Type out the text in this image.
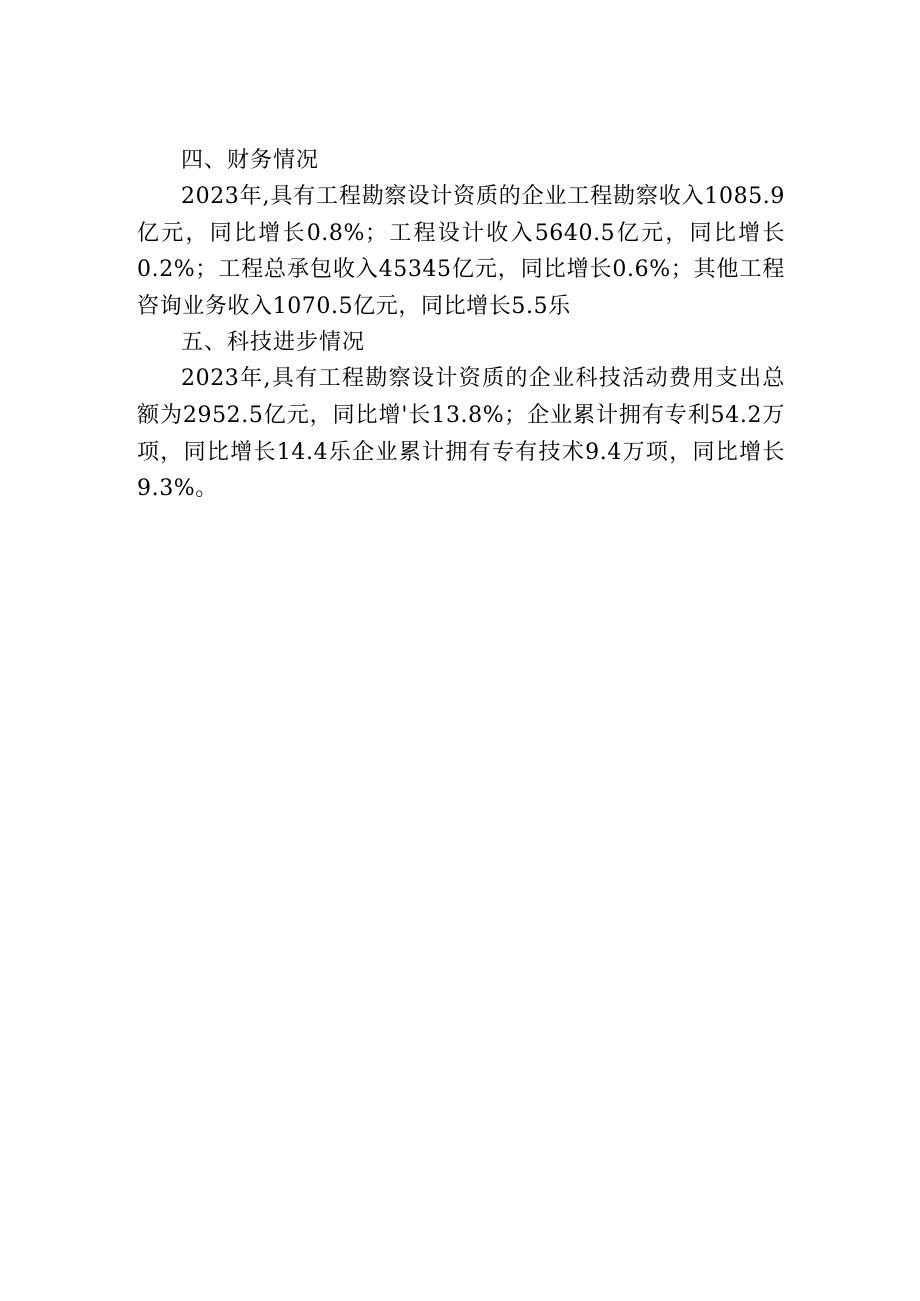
四、财务情况

2023年,具有工程勘察设计资质的企业工程勘察收入1085.9亿元，同比增长0.8%；工程设计收入5640.5亿元，同比增长0.2%；工程总承包收入45345亿元，同比增长0.6%；其他工程咨询业务收入1070.5亿元，同比增长5.5乐

五、科技进步情况

2023年,具有工程勘察设计资质的企业科技活动费用支出总额为2952.5亿元，同比增'长13.8%；企业累计拥有专利54.2万项，同比增长14.4乐企业累计拥有专有技术9.4万项，同比增长9.3%。
